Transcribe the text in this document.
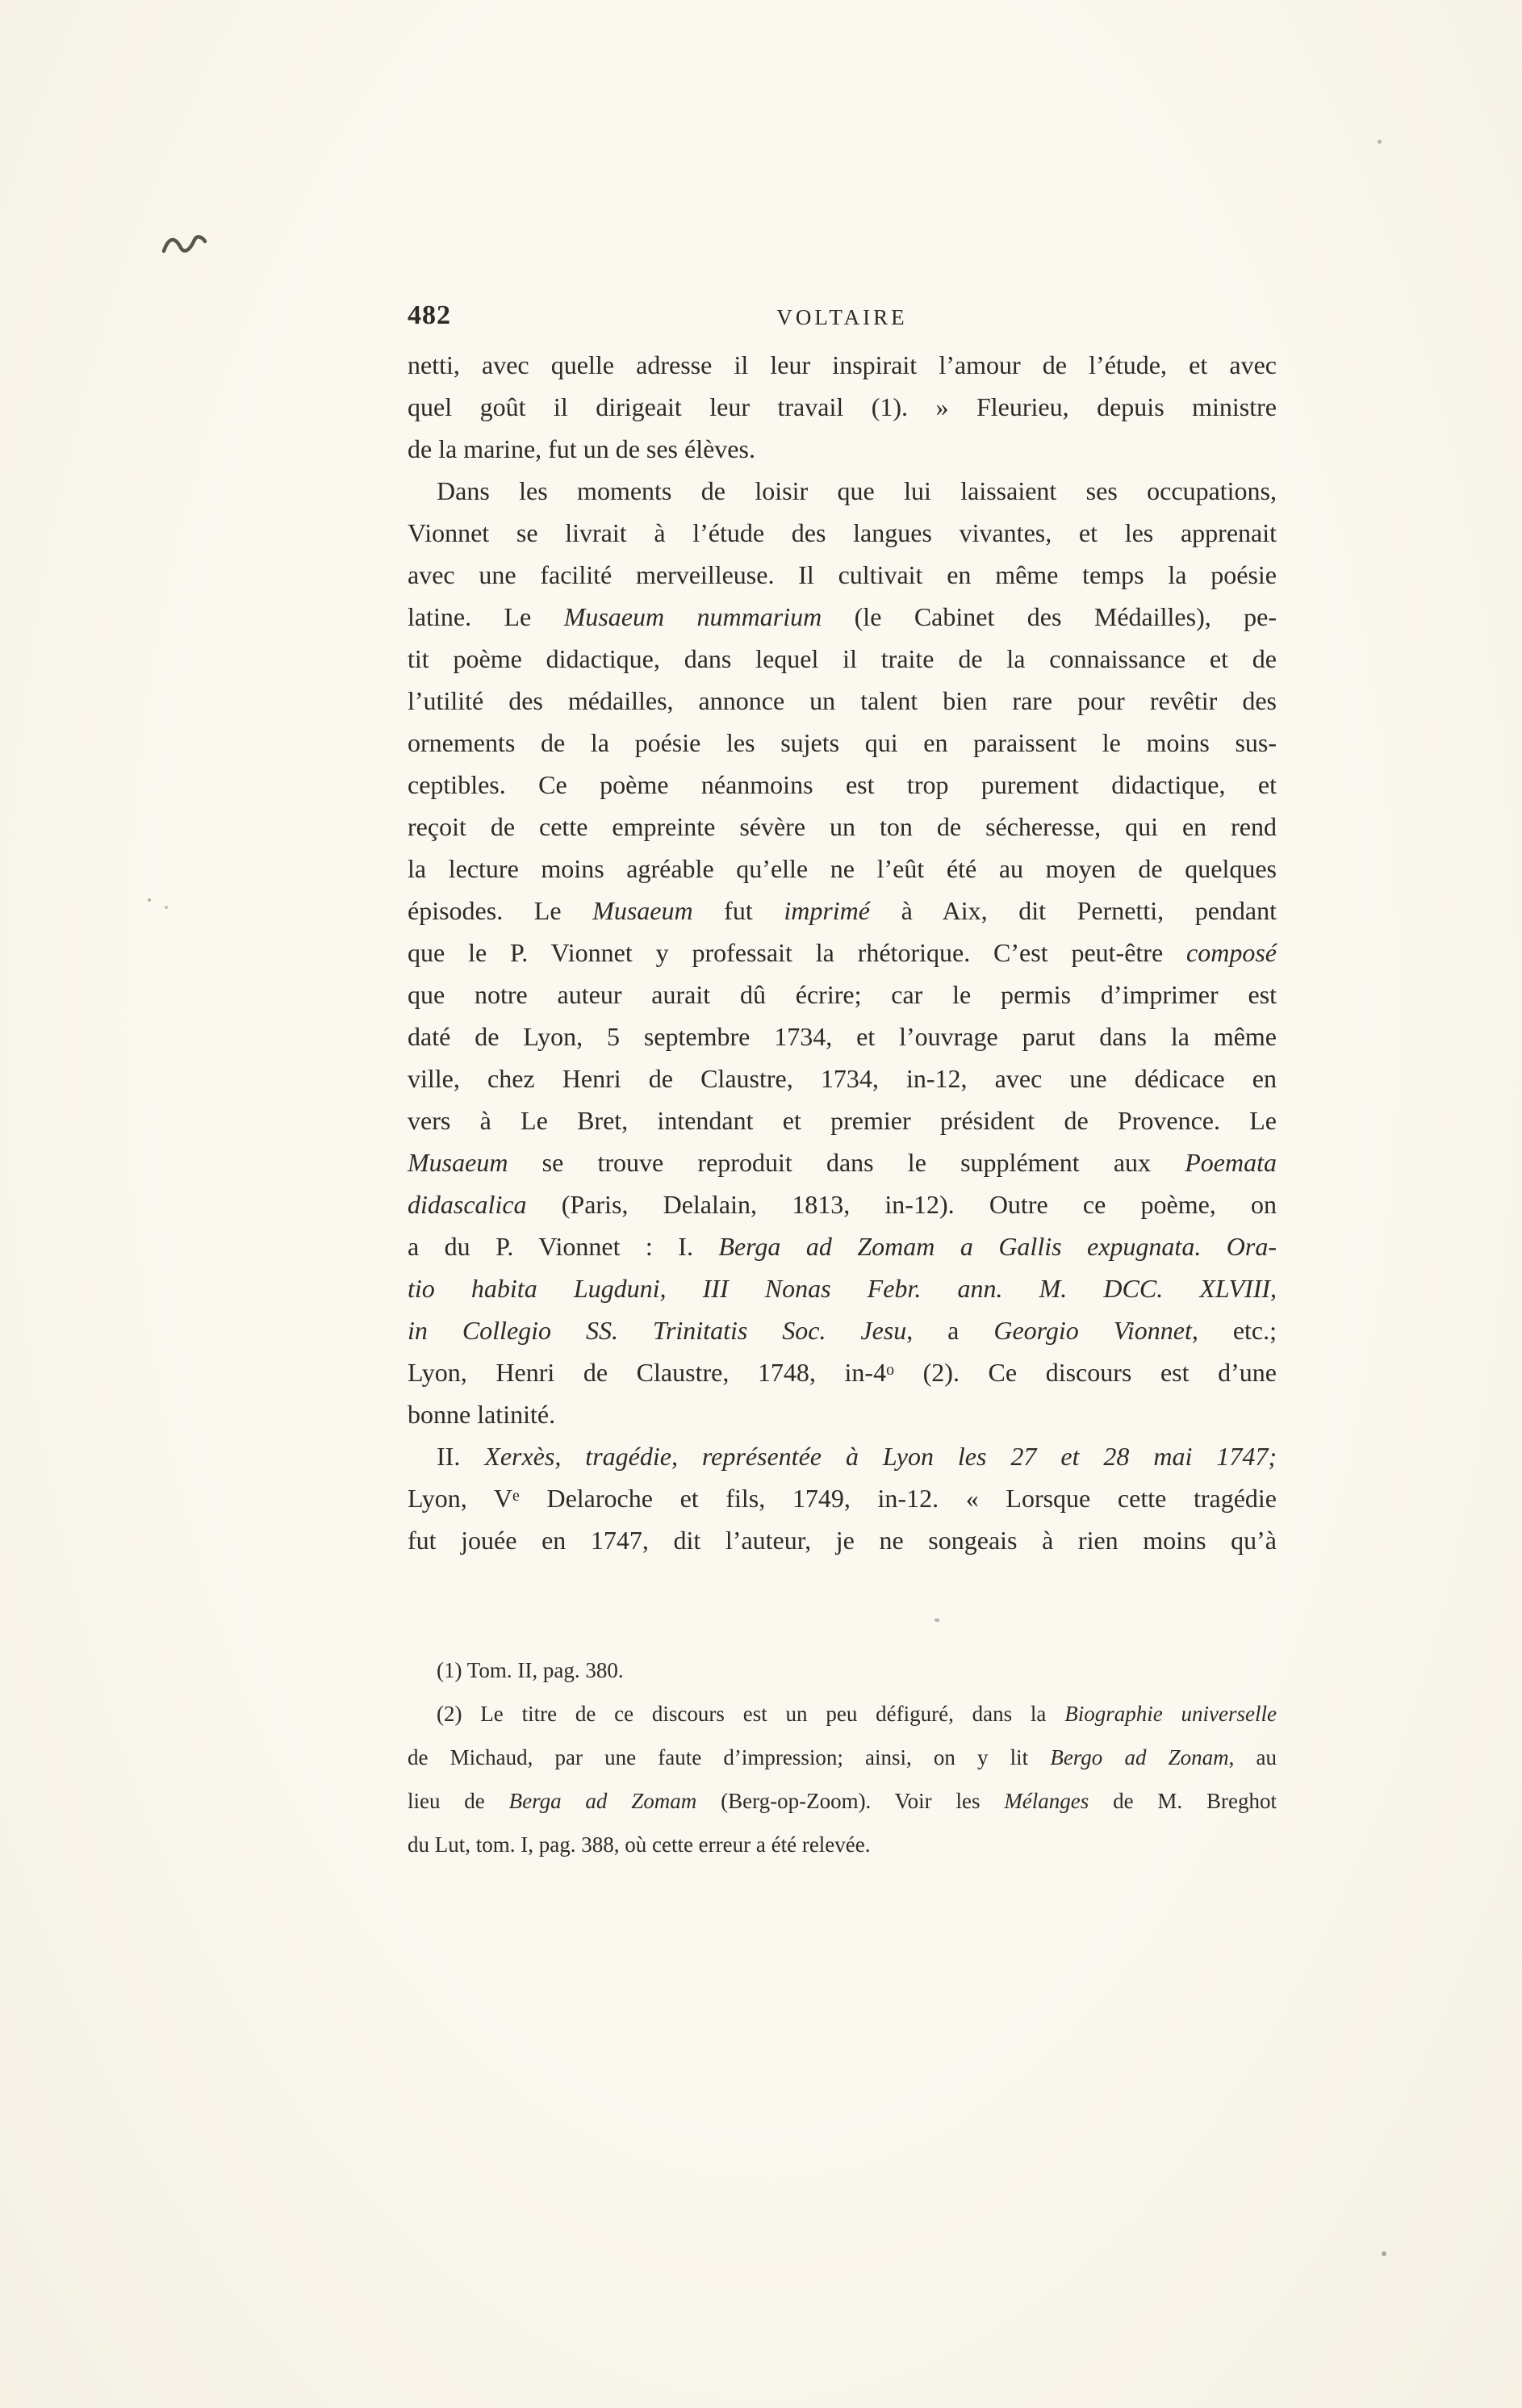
482	VOLTAIRE
netti, avec quelle adresse il leur inspirait l’amour de l’étude, et avec
quel goût il dirigeait leur travail (1). » Fleurieu, depuis ministre
de la marine, fut un de ses élèves.
Dans les moments de loisir que lui laissaient ses occupations,
Vionnet se livrait à l’étude des langues vivantes, et les apprenait
avec une facilité merveilleuse. Il cultivait en même temps la poésie
latine. Le Musaeum nummarium (le Cabinet des Médailles), pe-
tit poème didactique, dans lequel il traite de la connaissance et de
l’utilité des médailles, annonce un talent bien rare pour revêtir des
ornements de la poésie les sujets qui en paraissent le moins sus-
ceptibles. Ce poème néanmoins est trop purement didactique, et
reçoit de cette empreinte sévère un ton de sécheresse, qui en rend
la lecture moins agréable qu’elle ne l’eût été au moyen de quelques
épisodes. Le Musaeum fut imprimé à Aix, dit Pernetti, pendant
que le P. Vionnet y professait la rhétorique. C’est peut-être composé
que notre auteur aurait dû écrire; car le permis d’imprimer est
daté de Lyon, 5 septembre 1734, et l’ouvrage parut dans la même
ville, chez Henri de Claustre, 1734, in-12, avec une dédicace en
vers à Le Bret, intendant et premier président de Provence. Le
Musaeum se trouve reproduit dans le supplément aux Poemata
didascalica (Paris, Delalain, 1813, in-12). Outre ce poème, on
a du P. Vionnet : I. Berga ad Zomam a Gallis expugnata. Ora-
tio habita Lugduni, III Nonas Febr. ann. M. DCC. XLVIII,
in Collegio SS. Trinitatis Soc. Jesu, a Georgio Vionnet, etc.;
Lyon, Henri de Claustre, 1748, in-4$^o$ (2). Ce discours est d’une
bonne latinité.
II. Xerxès, tragédie, représentée à Lyon les 27 et 28 mai 1747;
Lyon, Ve Delaroche et fils, 1749, in-12. « Lorsque cette tragédie
fut jouée en 1747, dit l’auteur, je ne songeais à rien moins qu’à
(1) Tom. II, pag. 380.
(2) Le titre de ce discours est un peu défiguré, dans la Biographie universelle
de Michaud, par une faute d’impression; ainsi, on y lit Bergo ad Zonam, au
lieu de Berga ad Zomam (Berg-op-Zoom). Voir les Mélanges de M. Breghot
du Lut, tom. I, pag. 388, où cette erreur a été relevée.
